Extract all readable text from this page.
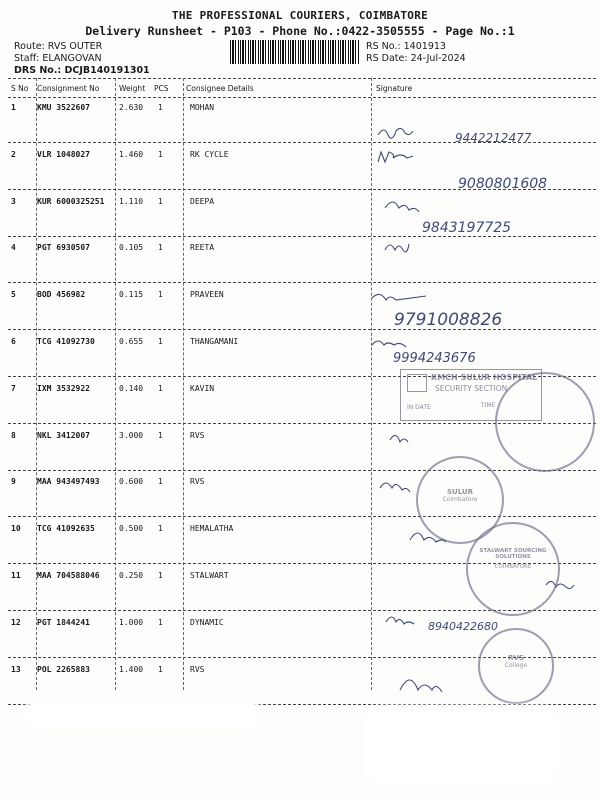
THE PROFESSIONAL COURIERS, COIMBATORE
Delivery Runsheet - P103 - Phone No.:0422-3505555 - Page No.:1
Route: RVS OUTER
Staff: ELANGOVAN
DRS No.: DCJB140191301
RS No.: 1401913
RS Date: 24-Jul-2024
S No Consignment No	Weight PCS Consignee Details	Signature
1	KMU 3522607	2.630 1	MOHAN
2	VLR 1048027	1.460 1	RK CYCLE
3	KUR 6000325251 1.110 1	DEEPA
4	PGT 6930507	0.105 1	REETA
5	BOD 456982	0.115 1	PRAVEEN
6	TCG 41092730	0.655 1	THANGAMANI
7	IXM 3532922	0.140 1	KAVIN
8	NKL 3412007	3.000 1	RVS
9	MAA 943497493 0.600 1	RVS
10 TCG 41092635	0.500 1	HEMALATHA
11 MAA 704588046 0.250 1	STALWART
12 PGT 1844241	1.000 1	DYNAMIC
13 POL 2265883	1.400 1	RVS
9442212477
9080801608
9843197725
9791008826
9994243676
8940422680
KMCH SULUR HOSPITAL
SECURITY SECTION
IN DATE	TIME
SULUR
Coimbatore
STALWART SOURCING SOLUTIONS
COIMBATORE
RVS
College
